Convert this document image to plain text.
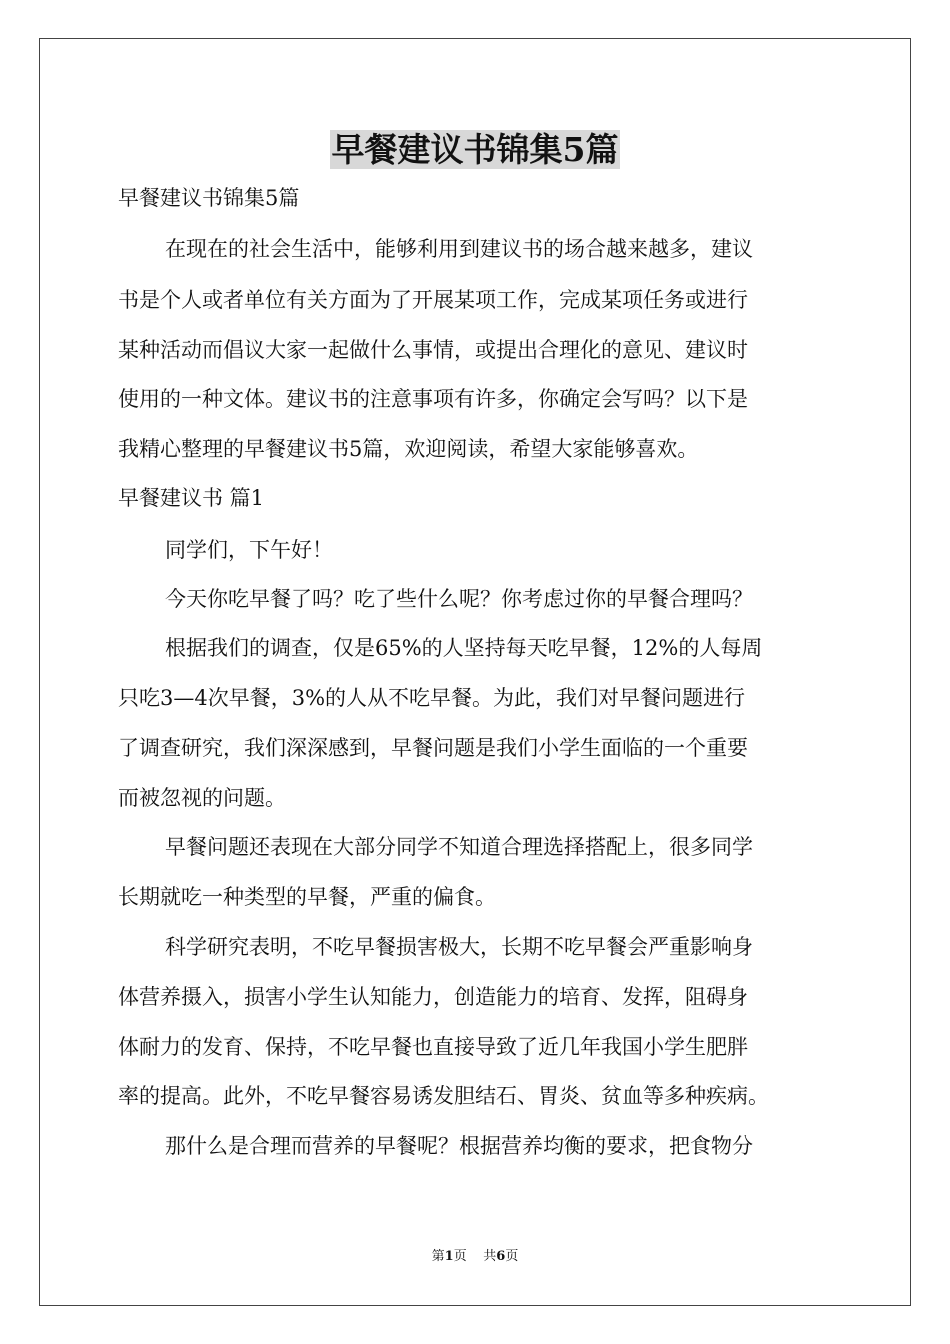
早餐建议书锦集5篇
早餐建议书锦集5篇
在现在的社会生活中，能够利用到建议书的场合越来越多，建议
书是个人或者单位有关方面为了开展某项工作，完成某项任务或进行
某种活动而倡议大家一起做什么事情，或提出合理化的意见、建议时
使用的一种文体。建议书的注意事项有许多，你确定会写吗？以下是
我精心整理的早餐建议书5篇，欢迎阅读，希望大家能够喜欢。
早餐建议书 篇1
同学们，下午好！
今天你吃早餐了吗？吃了些什么呢？你考虑过你的早餐合理吗？
根据我们的调查，仅是65%的人坚持每天吃早餐，12%的人每周
只吃3—4次早餐，3%的人从不吃早餐。为此，我们对早餐问题进行
了调查研究，我们深深感到，早餐问题是我们小学生面临的一个重要
而被忽视的问题。
早餐问题还表现在大部分同学不知道合理选择搭配上，很多同学
长期就吃一种类型的早餐，严重的偏食。
科学研究表明，不吃早餐损害极大，长期不吃早餐会严重影响身
体营养摄入，损害小学生认知能力，创造能力的培育、发挥，阻碍身
体耐力的发育、保持，不吃早餐也直接导致了近几年我国小学生肥胖
率的提高。此外，不吃早餐容易诱发胆结石、胃炎、贫血等多种疾病。
那什么是合理而营养的早餐呢？根据营养均衡的要求，把食物分
第1页 共6页
